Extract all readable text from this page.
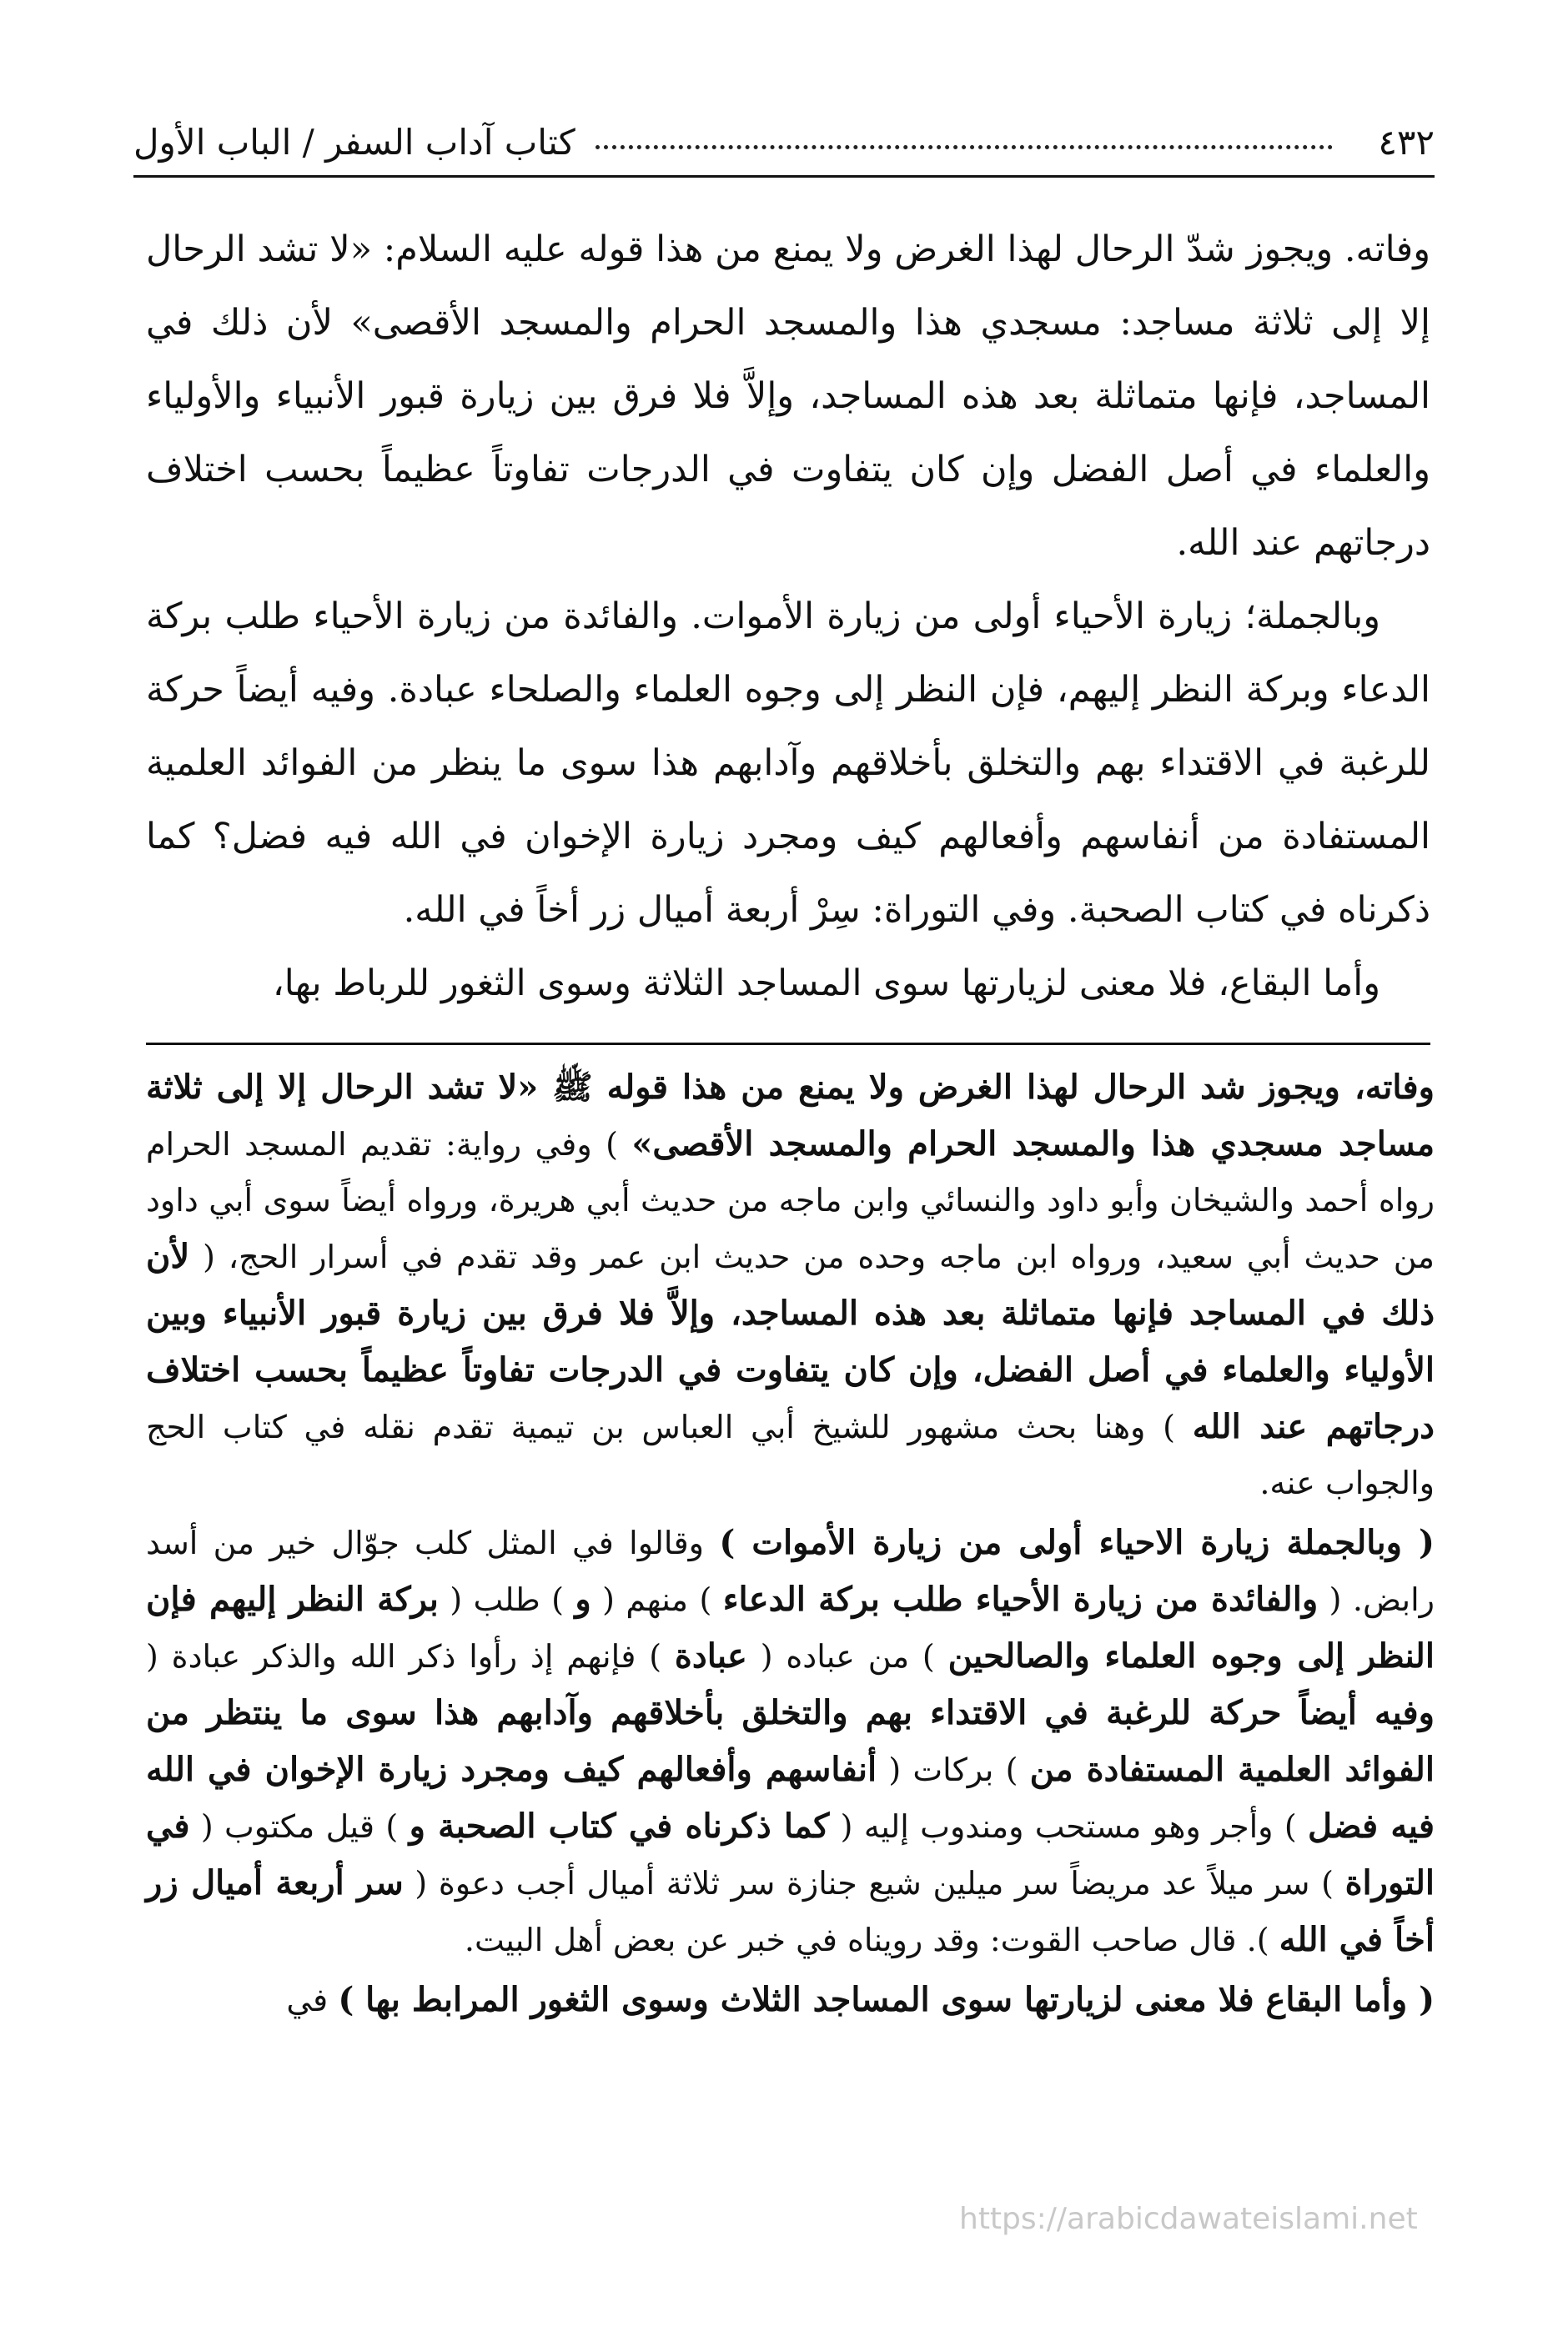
٤٣٢
كتاب آداب السفر / الباب الأول

وفاته. ويجوز شدّ الرحال لهذا الغرض ولا يمنع من هذا قوله عليه السلام: «لا تشد الرحال إلا إلى ثلاثة مساجد: مسجدي هذا والمسجد الحرام والمسجد الأقصى» لأن ذلك في المساجد، فإنها متماثلة بعد هذه المساجد، وإلاَّ فلا فرق بين زيارة قبور الأنبياء والأولياء والعلماء في أصل الفضل وإن كان يتفاوت في الدرجات تفاوتاً عظيماً بحسب اختلاف درجاتهم عند الله.

وبالجملة؛ زيارة الأحياء أولى من زيارة الأموات. والفائدة من زيارة الأحياء طلب بركة الدعاء وبركة النظر إليهم، فإن النظر إلى وجوه العلماء والصلحاء عبادة. وفيه أيضاً حركة للرغبة في الاقتداء بهم والتخلق بأخلاقهم وآدابهم هذا سوى ما ينظر من الفوائد العلمية المستفادة من أنفاسهم وأفعالهم كيف ومجرد زيارة الإخوان في الله فيه فضل؟ كما ذكرناه في كتاب الصحبة. وفي التوراة: سِرْ أربعة أميال زر أخاً في الله.

وأما البقاع، فلا معنى لزيارتها سوى المساجد الثلاثة وسوى الثغور للرباط بها،

وفاته، ويجوز شد الرحال لهذا الغرض ولا يمنع من هذا قوله ﷺ «لا تشد الرحال إلا إلى ثلاثة مساجد مسجدي هذا والمسجد الحرام والمسجد الأقصى» ) وفي رواية: تقديم المسجد الحرام رواه أحمد والشيخان وأبو داود والنسائي وابن ماجه من حديث أبي هريرة، ورواه أيضاً سوى أبي داود من حديث أبي سعيد، ورواه ابن ماجه وحده من حديث ابن عمر وقد تقدم في أسرار الحج، ( لأن ذلك في المساجد فإنها متماثلة بعد هذه المساجد، وإلاَّ فلا فرق بين زيارة قبور الأنبياء وبين الأولياء والعلماء في أصل الفضل، وإن كان يتفاوت في الدرجات تفاوتاً عظيماً بحسب اختلاف درجاتهم عند الله ) وهنا بحث مشهور للشيخ أبي العباس بن تيمية تقدم نقله في كتاب الحج والجواب عنه.

( وبالجملة زيارة الاحياء أولى من زيارة الأموات ) وقالوا في المثل كلب جوّال خير من أسد رابض. ( والفائدة من زيارة الأحياء طلب بركة الدعاء ) منهم ( و ) طلب ( بركة النظر إليهم فإن النظر إلى وجوه العلماء والصالحين ) من عباده ( عبادة ) فإنهم إذ رأوا ذكر الله والذكر عبادة ( وفيه أيضاً حركة للرغبة في الاقتداء بهم والتخلق بأخلاقهم وآدابهم هذا سوى ما ينتظر من الفوائد العلمية المستفادة من ) بركات ( أنفاسهم وأفعالهم كيف ومجرد زيارة الإخوان في الله فيه فضل ) وأجر وهو مستحب ومندوب إليه ( كما ذكرناه في كتاب الصحبة و ) قيل مكتوب ( في التوراة ) سر ميلاً عد مريضاً سر ميلين شيع جنازة سر ثلاثة أميال أجب دعوة ( سر أربعة أميال زر أخاً في الله ). قال صاحب القوت: وقد رويناه في خبر عن بعض أهل البيت.

( وأما البقاع فلا معنى لزيارتها سوى المساجد الثلاث وسوى الثغور المرابط بها ) في

https://arabicdawateislami.net
